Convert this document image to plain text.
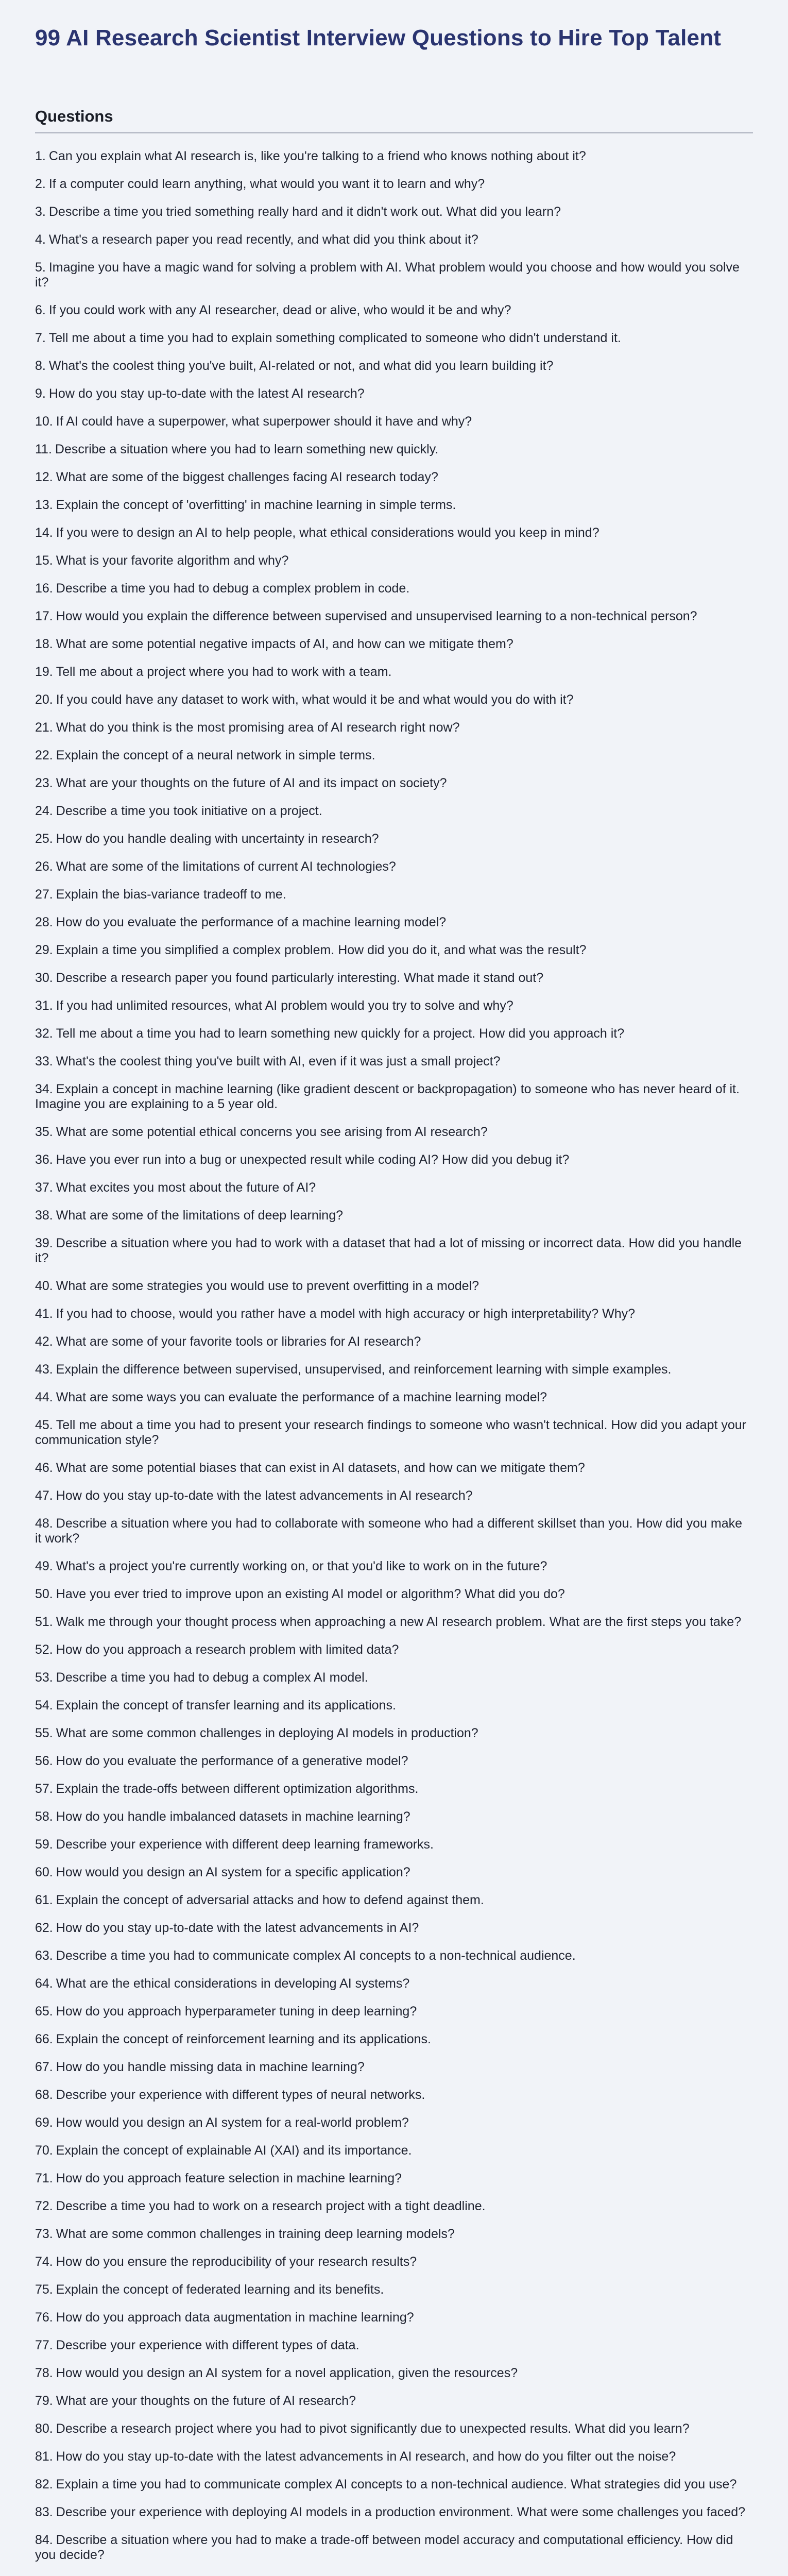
99 AI Research Scientist Interview Questions to Hire Top Talent
Questions
1. Can you explain what AI research is, like you're talking to a friend who knows nothing about it?
2. If a computer could learn anything, what would you want it to learn and why?
3. Describe a time you tried something really hard and it didn't work out. What did you learn?
4. What's a research paper you read recently, and what did you think about it?
5. Imagine you have a magic wand for solving a problem with AI. What problem would you choose and how would you solve it?
6. If you could work with any AI researcher, dead or alive, who would it be and why?
7. Tell me about a time you had to explain something complicated to someone who didn't understand it.
8. What's the coolest thing you've built, AI-related or not, and what did you learn building it?
9. How do you stay up-to-date with the latest AI research?
10. If AI could have a superpower, what superpower should it have and why?
11. Describe a situation where you had to learn something new quickly.
12. What are some of the biggest challenges facing AI research today?
13. Explain the concept of 'overfitting' in machine learning in simple terms.
14. If you were to design an AI to help people, what ethical considerations would you keep in mind?
15. What is your favorite algorithm and why?
16. Describe a time you had to debug a complex problem in code.
17. How would you explain the difference between supervised and unsupervised learning to a non-technical person?
18. What are some potential negative impacts of AI, and how can we mitigate them?
19. Tell me about a project where you had to work with a team.
20. If you could have any dataset to work with, what would it be and what would you do with it?
21. What do you think is the most promising area of AI research right now?
22. Explain the concept of a neural network in simple terms.
23. What are your thoughts on the future of AI and its impact on society?
24. Describe a time you took initiative on a project.
25. How do you handle dealing with uncertainty in research?
26. What are some of the limitations of current AI technologies?
27. Explain the bias-variance tradeoff to me.
28. How do you evaluate the performance of a machine learning model?
29. Explain a time you simplified a complex problem. How did you do it, and what was the result?
30. Describe a research paper you found particularly interesting. What made it stand out?
31. If you had unlimited resources, what AI problem would you try to solve and why?
32. Tell me about a time you had to learn something new quickly for a project. How did you approach it?
33. What's the coolest thing you've built with AI, even if it was just a small project?
34. Explain a concept in machine learning (like gradient descent or backpropagation) to someone who has never heard of it. Imagine you are explaining to a 5 year old.
35. What are some potential ethical concerns you see arising from AI research?
36. Have you ever run into a bug or unexpected result while coding AI? How did you debug it?
37. What excites you most about the future of AI?
38. What are some of the limitations of deep learning?
39. Describe a situation where you had to work with a dataset that had a lot of missing or incorrect data. How did you handle it?
40. What are some strategies you would use to prevent overfitting in a model?
41. If you had to choose, would you rather have a model with high accuracy or high interpretability? Why?
42. What are some of your favorite tools or libraries for AI research?
43. Explain the difference between supervised, unsupervised, and reinforcement learning with simple examples.
44. What are some ways you can evaluate the performance of a machine learning model?
45. Tell me about a time you had to present your research findings to someone who wasn't technical. How did you adapt your communication style?
46. What are some potential biases that can exist in AI datasets, and how can we mitigate them?
47. How do you stay up-to-date with the latest advancements in AI research?
48. Describe a situation where you had to collaborate with someone who had a different skillset than you. How did you make it work?
49. What's a project you're currently working on, or that you'd like to work on in the future?
50. Have you ever tried to improve upon an existing AI model or algorithm? What did you do?
51. Walk me through your thought process when approaching a new AI research problem. What are the first steps you take?
52. How do you approach a research problem with limited data?
53. Describe a time you had to debug a complex AI model.
54. Explain the concept of transfer learning and its applications.
55. What are some common challenges in deploying AI models in production?
56. How do you evaluate the performance of a generative model?
57. Explain the trade-offs between different optimization algorithms.
58. How do you handle imbalanced datasets in machine learning?
59. Describe your experience with different deep learning frameworks.
60. How would you design an AI system for a specific application?
61. Explain the concept of adversarial attacks and how to defend against them.
62. How do you stay up-to-date with the latest advancements in AI?
63. Describe a time you had to communicate complex AI concepts to a non-technical audience.
64. What are the ethical considerations in developing AI systems?
65. How do you approach hyperparameter tuning in deep learning?
66. Explain the concept of reinforcement learning and its applications.
67. How do you handle missing data in machine learning?
68. Describe your experience with different types of neural networks.
69. How would you design an AI system for a real-world problem?
70. Explain the concept of explainable AI (XAI) and its importance.
71. How do you approach feature selection in machine learning?
72. Describe a time you had to work on a research project with a tight deadline.
73. What are some common challenges in training deep learning models?
74. How do you ensure the reproducibility of your research results?
75. Explain the concept of federated learning and its benefits.
76. How do you approach data augmentation in machine learning?
77. Describe your experience with different types of data.
78. How would you design an AI system for a novel application, given the resources?
79. What are your thoughts on the future of AI research?
80. Describe a research project where you had to pivot significantly due to unexpected results. What did you learn?
81. How do you stay up-to-date with the latest advancements in AI research, and how do you filter out the noise?
82. Explain a time you had to communicate complex AI concepts to a non-technical audience. What strategies did you use?
83. Describe your experience with deploying AI models in a production environment. What were some challenges you faced?
84. Describe a situation where you had to make a trade-off between model accuracy and computational efficiency. How did you decide?
